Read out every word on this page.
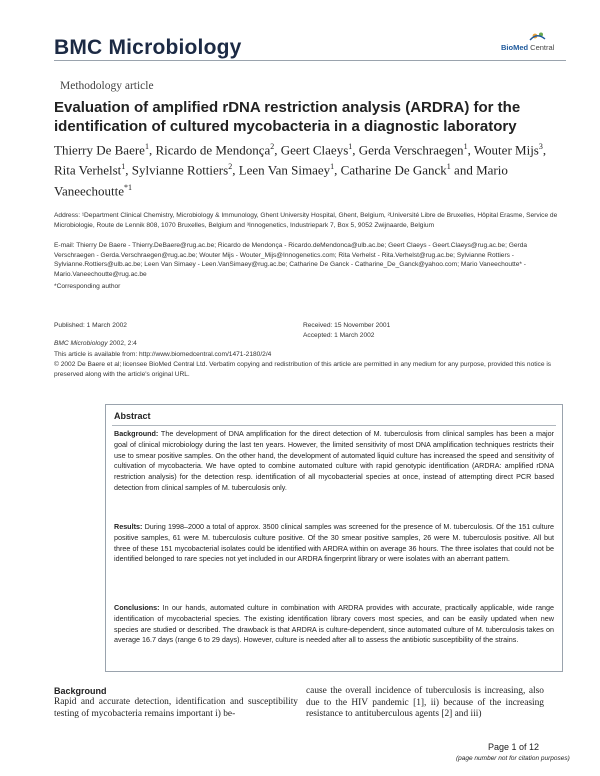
BMC Microbiology	BioMed Central
Methodology article
Evaluation of amplified rDNA restriction analysis (ARDRA) for the identification of cultured mycobacteria in a diagnostic laboratory
Thierry De Baere$^1$, Ricardo de Mendonça$^2$, Geert Claeys$^1$, Gerda Verschraegen$^1$, Wouter Mijs$^3$, Rita Verhelst$^1$, Sylvianne Rottiers$^2$, Leen Van Simaey$^1$, Catharine De Ganck$^1$ and Mario Vaneechoutte$^{*1}$
Address: ¹Department Clinical Chemistry, Microbiology & Immunology, Ghent University Hospital, Ghent, Belgium, ²Université Libre de Bruxelles, Hôpital Erasme, Service de Microbiologie, Route de Lennik 808, 1070 Bruxelles, Belgium and ³Innogenetics, Industriepark 7, Box 5, 9052 Zwijnaarde, Belgium
E-mail: Thierry De Baere - Thierry.DeBaere@rug.ac.be; Ricardo de Mendonça - Ricardo.deMendonca@ulb.ac.be; Geert Claeys - Geert.Claeys@rug.ac.be; Gerda Verschraegen - Gerda.Verschraegen@rug.ac.be; Wouter Mijs - Wouter_Mijs@Innogenetics.com; Rita Verhelst - Rita.Verhelst@rug.ac.be; Sylvianne Rottiers - Sylvianne.Rottiers@ulb.ac.be; Leen Van Simaey - Leen.VanSimaey@rug.ac.be; Catharine De Ganck - Catharine_De_Ganck@yahoo.com; Mario Vaneechoutte* - Mario.Vaneechoutte@rug.ac.be
*Corresponding author
Published: 1 March 2002
BMC Microbiology 2002, 2:4
This article is available from: http://www.biomedcentral.com/1471-2180/2/4
Received: 15 November 2001
Accepted: 1 March 2002
© 2002 De Baere et al; licensee BioMed Central Ltd. Verbatim copying and redistribution of this article are permitted in any medium for any purpose, provided this notice is preserved along with the article's original URL.
Abstract
Background: The development of DNA amplification for the direct detection of M. tuberculosis from clinical samples has been a major goal of clinical microbiology during the last ten years. However, the limited sensitivity of most DNA amplification techniques restricts their use to smear positive samples. On the other hand, the development of automated liquid culture has increased the speed and sensitivity of cultivation of mycobacteria. We have opted to combine automated culture with rapid genotypic identification (ARDRA: amplified rDNA restriction analysis) for the detection resp. identification of all mycobacterial species at once, instead of attempting direct PCR based detection from clinical samples of M. tuberculosis only.
Results: During 1998–2000 a total of approx. 3500 clinical samples was screened for the presence of M. tuberculosis. Of the 151 culture positive samples, 61 were M. tuberculosis culture positive. Of the 30 smear positive samples, 26 were M. tuberculosis positive. All but three of these 151 mycobacterial isolates could be identified with ARDRA within on average 36 hours. The three isolates that could not be identified belonged to rare species not yet included in our ARDRA fingerprint library or were isolates with an aberrant pattern.
Conclusions: In our hands, automated culture in combination with ARDRA provides with accurate, practically applicable, wide range identification of mycobacterial species. The existing identification library covers most species, and can be easily updated when new species are studied or described. The drawback is that ARDRA is culture-dependent, since automated culture of M. tuberculosis takes on average 16.7 days (range 6 to 29 days). However, culture is needed after all to assess the antibiotic susceptibility of the strains.
Background
Rapid and accurate detection, identification and susceptibility testing of mycobacteria remains important i) be-
cause the overall incidence of tuberculosis is increasing, also due to the HIV pandemic [1], ii) because of the increasing resistance to antituberculous agents [2] and iii)
Page 1 of 12
(page number not for citation purposes)
